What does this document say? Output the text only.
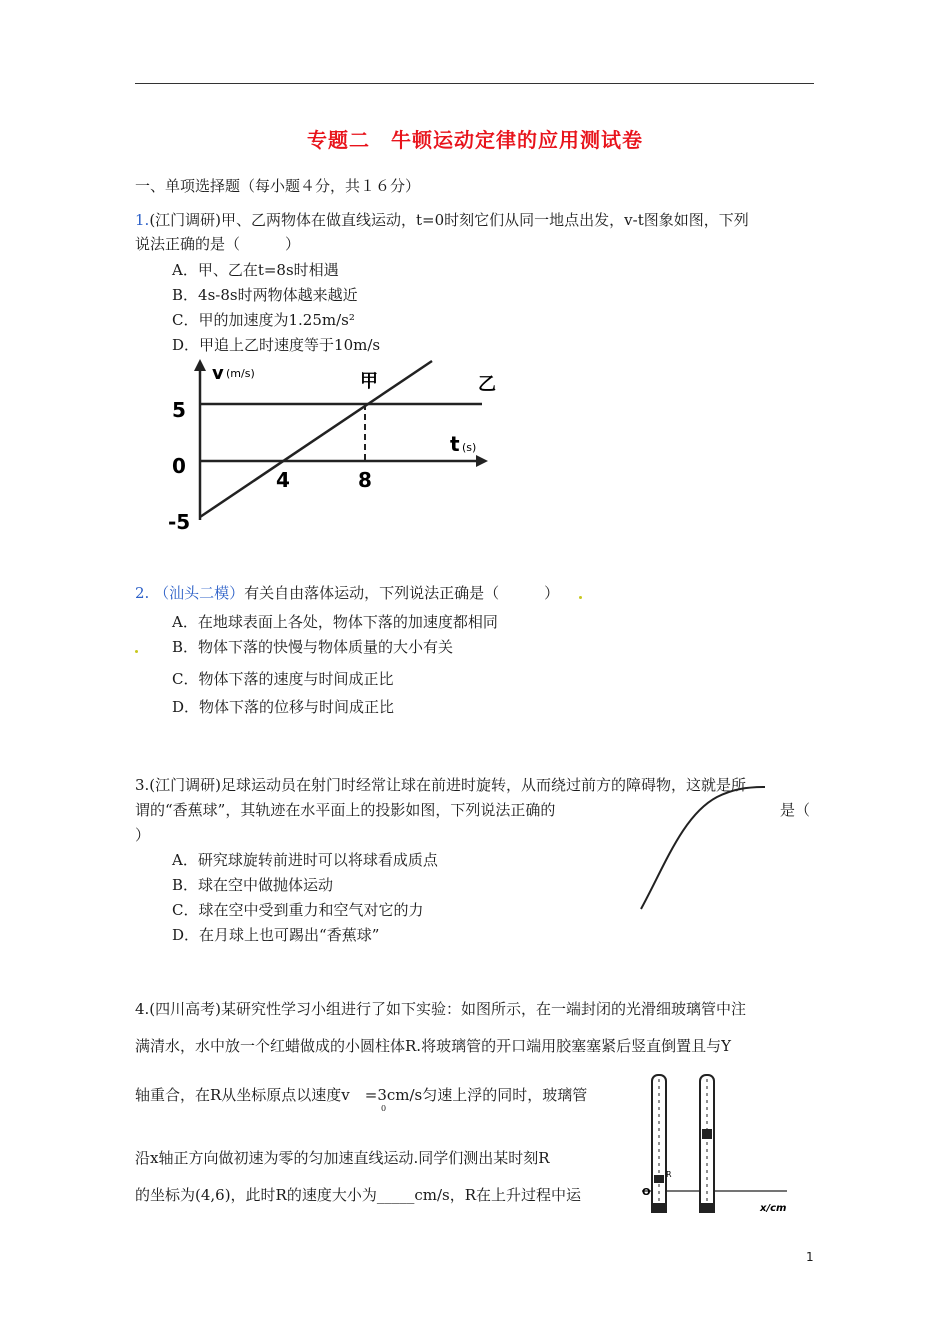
专题二　牛顿运动定律的应用测试卷
一、单项选择题（每小题４分，共１６分）
1.(江门调研)甲、乙两物体在做直线运动，t=0时刻它们从同一地点出发，v-t图象如图，下列
说法正确的是（　　　）
A．甲、乙在t=8s时相遇
B．4s-8s时两物体越来越近
C．甲的加速度为1.25m/s²
D．甲追上乙时速度等于10m/s
v (m/s)
t (s)
甲	乙
5
0
-5
4	8
2. （汕头二模）有关自由落体运动，下列说法正确是（　　　）
A．在地球表面上各处，物体下落的加速度都相同
B．物体下落的快慢与物体质量的大小有关
C．物体下落的速度与时间成正比
D．物体下落的位移与时间成正比
3.(江门调研)足球运动员在射门时经常让球在前进时旋转，从而绕过前方的障碍物，这就是所
谓的“香蕉球”，其轨迹在水平面上的投影如图，下列说法正确的	是（
）
A．研究球旋转前进时可以将球看成质点
B．球在空中做抛体运动
C．球在空中受到重力和空气对它的力
D．在月球上也可踢出“香蕉球”
4.(四川高考)某研究性学习小组进行了如下实验：如图所示，在一端封闭的光滑细玻璃管中注
满清水，水中放一个红蜡做成的小圆柱体R.将玻璃管的开口端用胶塞塞紧后竖直倒置且与Y
轴重合，在R从坐标原点以速度v　=3cm/s匀速上浮的同时，玻璃管
0
沿x轴正方向做初速为零的匀加速直线运动.同学们测出某时刻R
的坐标为(4,6)，此时R的速度大小为_____cm/s，R在上升过程中运	O
R
x/cm
1
